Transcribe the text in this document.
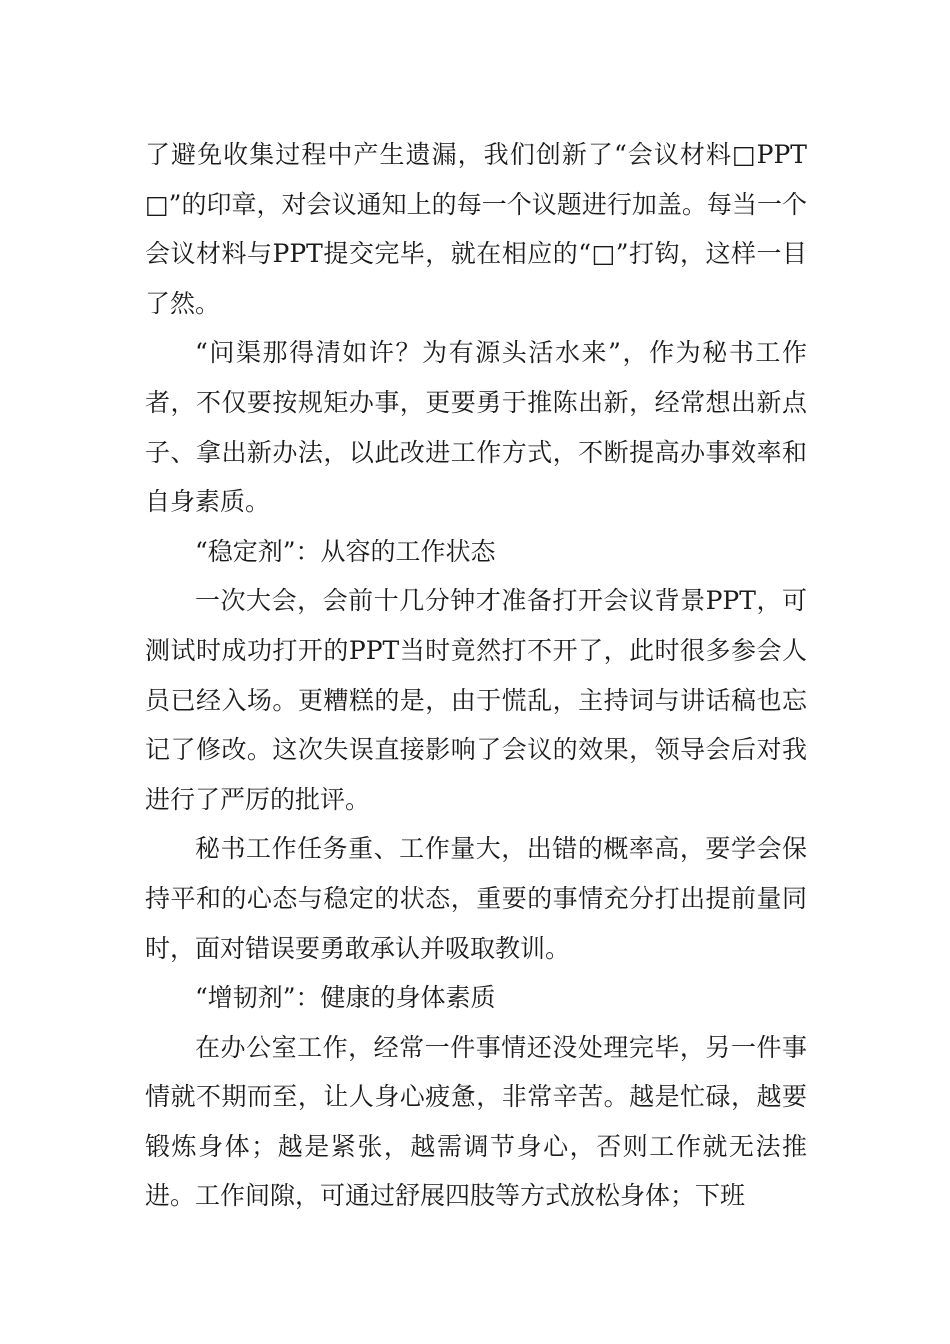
了避免收集过程中产生遗漏，我们创新了“会议材料□PPT□”的印章，对会议通知上的每一个议题进行加盖。每当一个会议材料与PPT提交完毕，就在相应的“□”打钩，这样一目了然。

“问渠那得清如许？为有源头活水来”，作为秘书工作者，不仅要按规矩办事，更要勇于推陈出新，经常想出新点子、拿出新办法，以此改进工作方式，不断提高办事效率和自身素质。

“稳定剂”：从容的工作状态

一次大会，会前十几分钟才准备打开会议背景PPT，可测试时成功打开的PPT当时竟然打不开了，此时很多参会人员已经入场。更糟糕的是，由于慌乱，主持词与讲话稿也忘记了修改。这次失误直接影响了会议的效果，领导会后对我进行了严厉的批评。

秘书工作任务重、工作量大，出错的概率高，要学会保持平和的心态与稳定的状态，重要的事情充分打出提前量同时，面对错误要勇敢承认并吸取教训。

“增韧剂”：健康的身体素质

在办公室工作，经常一件事情还没处理完毕，另一件事情就不期而至，让人身心疲惫，非常辛苦。越是忙碌，越要锻炼身体；越是紧张，越需调节身心，否则工作就无法推进。工作间隙，可通过舒展四肢等方式放松身体；下班
